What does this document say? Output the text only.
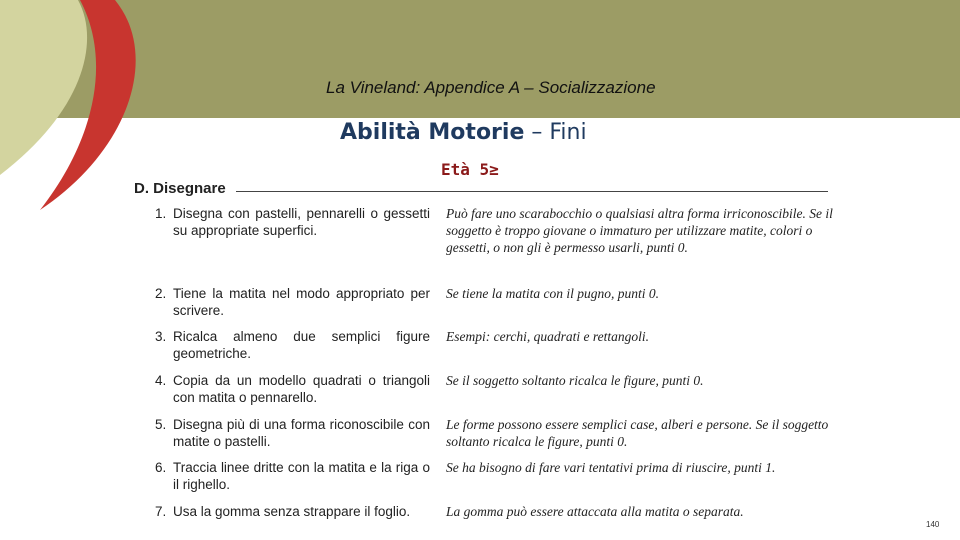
La Vineland: Appendice A – Socializzazione
Abilità Motorie – Fini
Età 5≥
D. Disegnare
1. Disegna con pastelli, pennarelli o gessetti su appropriate superfici.
Può fare uno scarabocchio o qualsiasi altra forma irriconoscibile. Se il soggetto è troppo giovane o immaturo per utilizzare matite, colori o gessetti, o non gli è permesso usarli, punti 0.
2. Tiene la matita nel modo appropriato per scrivere.
Se tiene la matita con il pugno, punti 0.
3. Ricalca almeno due semplici figure geometriche.
Esempi: cerchi, quadrati e rettangoli.
4. Copia da un modello quadrati o triangoli con matita o pennarello.
Se il soggetto soltanto ricalca le figure, punti 0.
5. Disegna più di una forma riconoscibile con matite o pastelli.
Le forme possono essere semplici case, alberi e persone. Se il soggetto soltanto ricalca le figure, punti 0.
6. Traccia linee dritte con la matita e la riga o il righello.
Se ha bisogno di fare vari tentativi prima di riuscire, punti 1.
7. Usa la gomma senza strappare il foglio.	La gomma può essere attaccata alla matita o separata.
140
